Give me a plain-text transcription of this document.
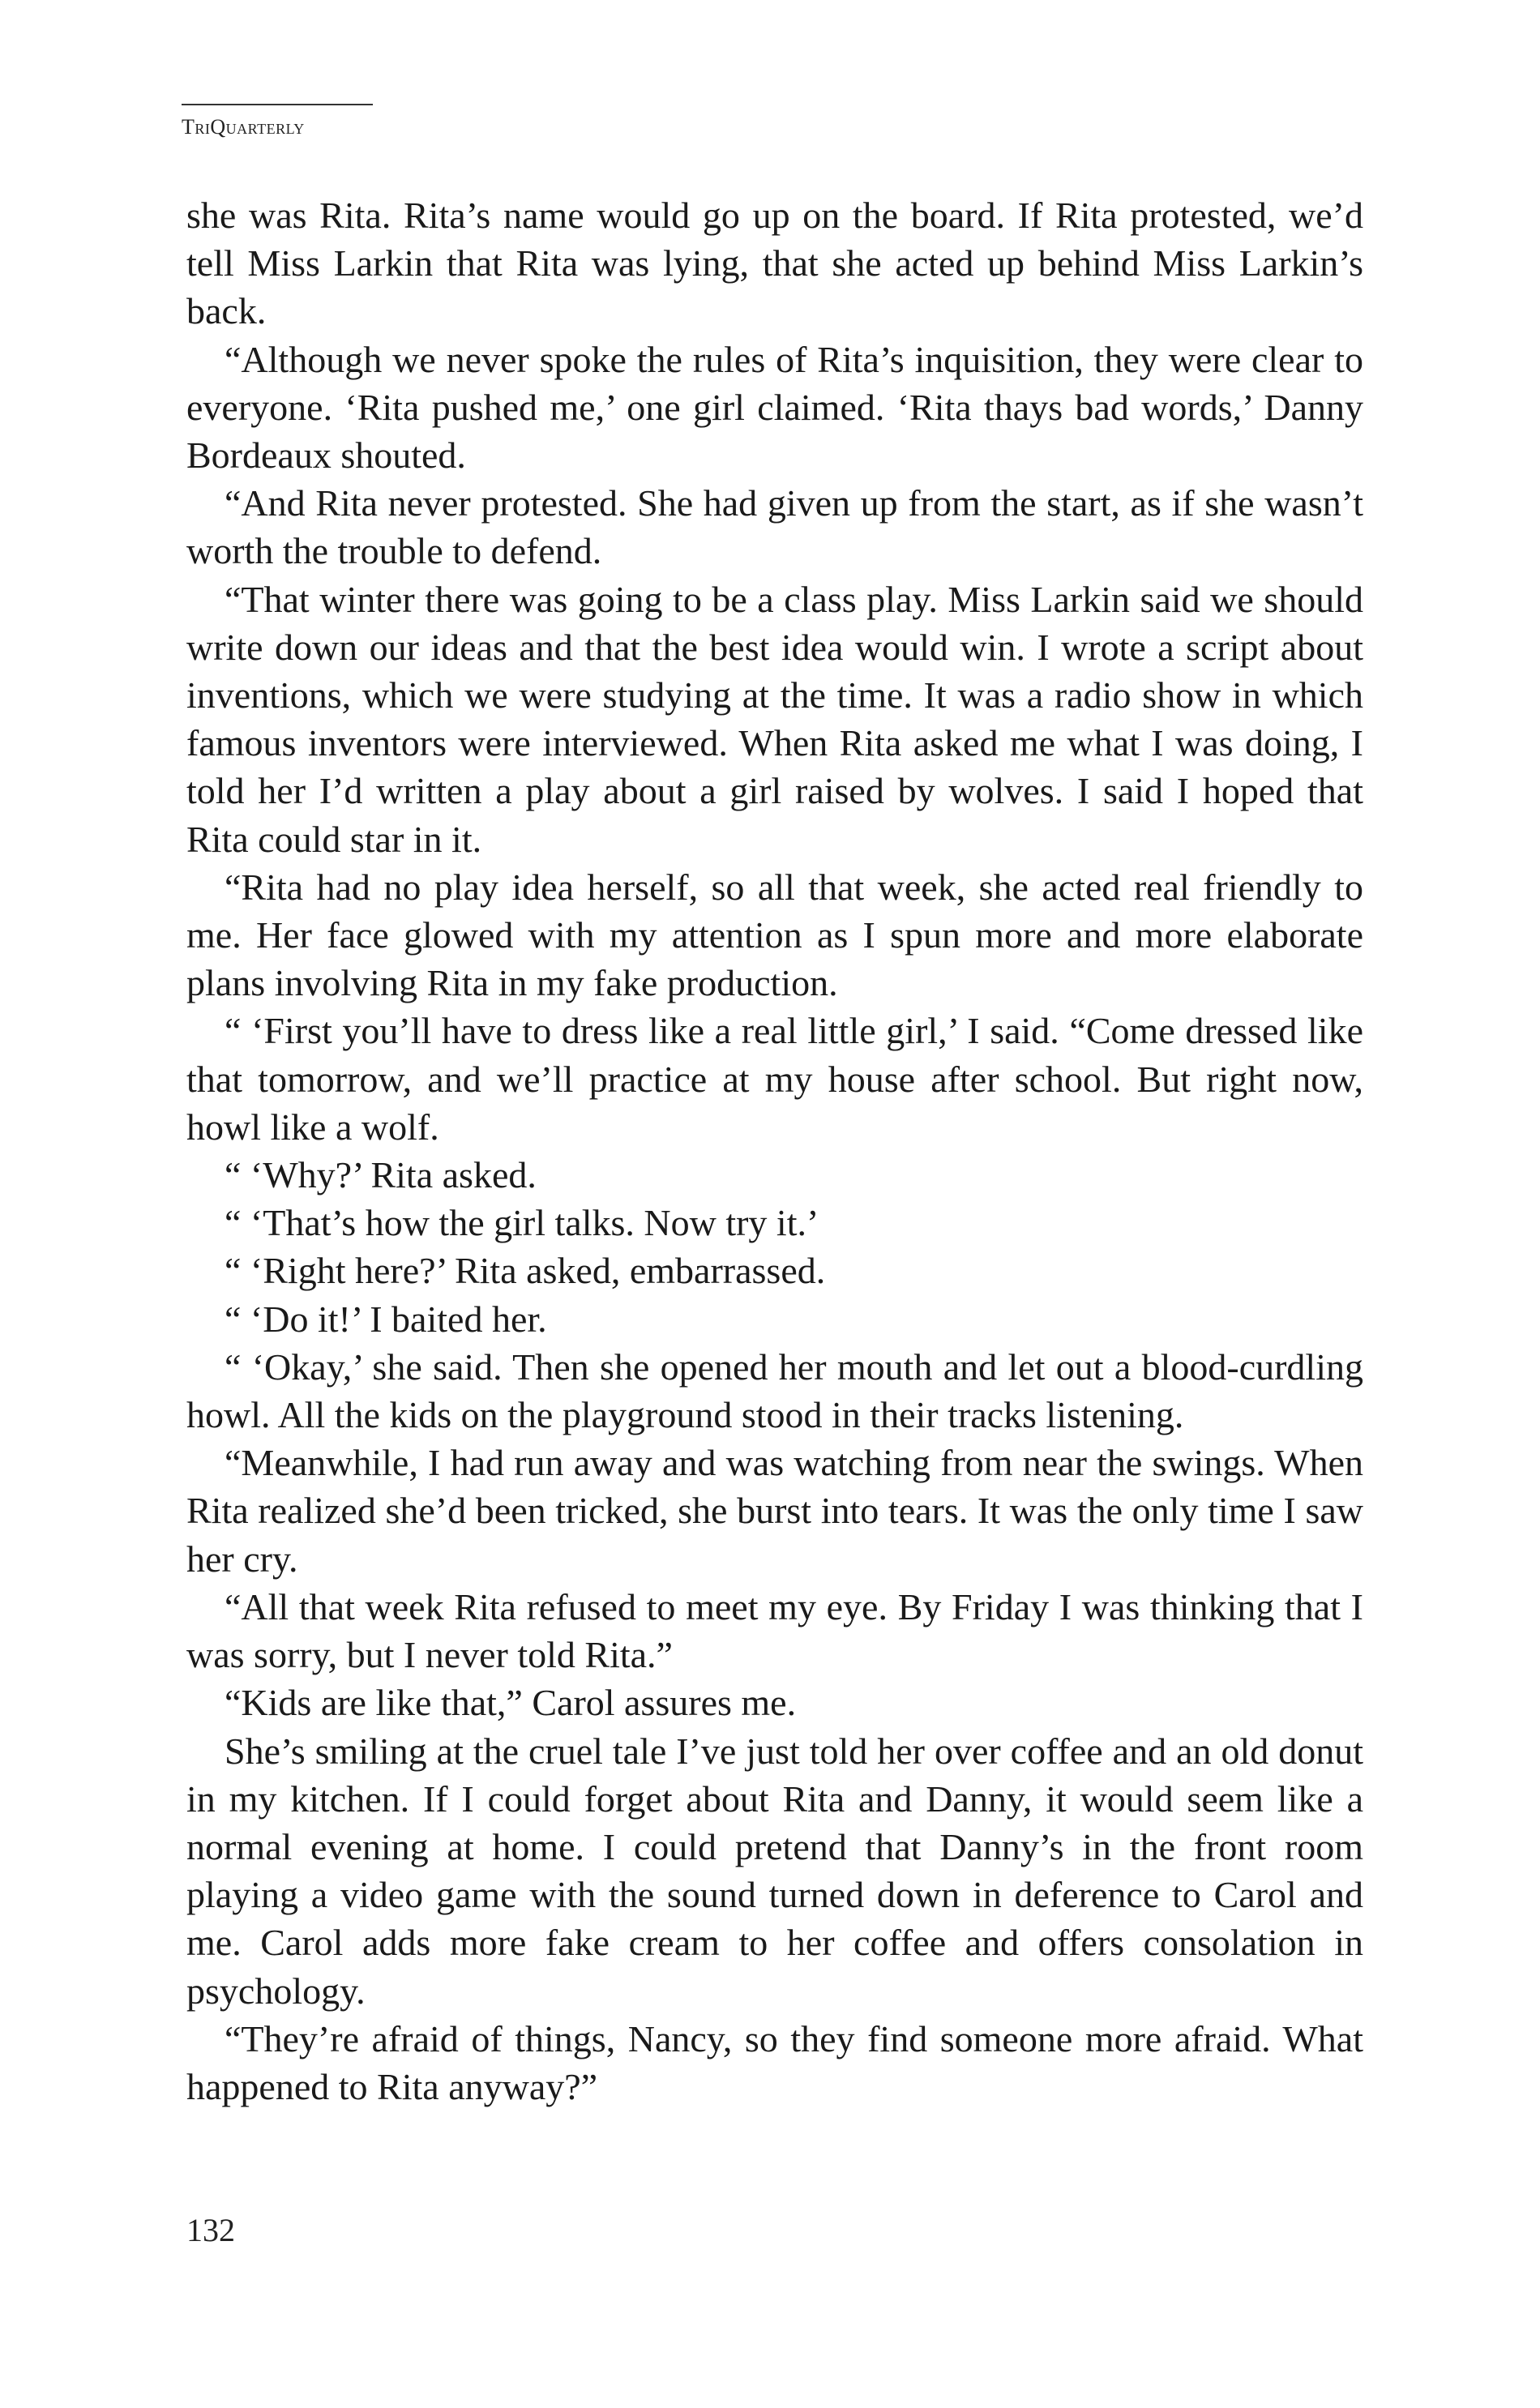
TriQuarterly

she was Rita. Rita’s name would go up on the board. If Rita protested, we’d tell Miss Larkin that Rita was lying, that she acted up behind Miss Larkin’s back.

“Although we never spoke the rules of Rita’s inquisition, they were clear to everyone. ‘Rita pushed me,’ one girl claimed. ‘Rita thays bad words,’ Danny Bordeaux shouted.

“And Rita never protested. She had given up from the start, as if she wasn’t worth the trouble to defend.

“That winter there was going to be a class play. Miss Larkin said we should write down our ideas and that the best idea would win. I wrote a script about inventions, which we were studying at the time. It was a radio show in which famous inventors were interviewed. When Rita asked me what I was doing, I told her I’d written a play about a girl raised by wolves. I said I hoped that Rita could star in it.

“Rita had no play idea herself, so all that week, she acted real friendly to me. Her face glowed with my attention as I spun more and more elaborate plans involving Rita in my fake production.

“ ‘First you’ll have to dress like a real little girl,’ I said. “Come dressed like that tomorrow, and we’ll practice at my house after school. But right now, howl like a wolf.

“ ‘Why?’ Rita asked.

“ ‘That’s how the girl talks. Now try it.’

“ ‘Right here?’ Rita asked, embarrassed.

“ ‘Do it!’ I baited her.

“ ‘Okay,’ she said. Then she opened her mouth and let out a blood-curdling howl. All the kids on the playground stood in their tracks listening.

“Meanwhile, I had run away and was watching from near the swings. When Rita realized she’d been tricked, she burst into tears. It was the only time I saw her cry.

“All that week Rita refused to meet my eye. By Friday I was thinking that I was sorry, but I never told Rita.”

“Kids are like that,” Carol assures me.

She’s smiling at the cruel tale I’ve just told her over coffee and an old donut in my kitchen. If I could forget about Rita and Danny, it would seem like a normal evening at home. I could pretend that Danny’s in the front room playing a video game with the sound turned down in deference to Carol and me. Carol adds more fake cream to her coffee and offers consolation in psychology.

“They’re afraid of things, Nancy, so they find someone more afraid. What happened to Rita anyway?”

132
